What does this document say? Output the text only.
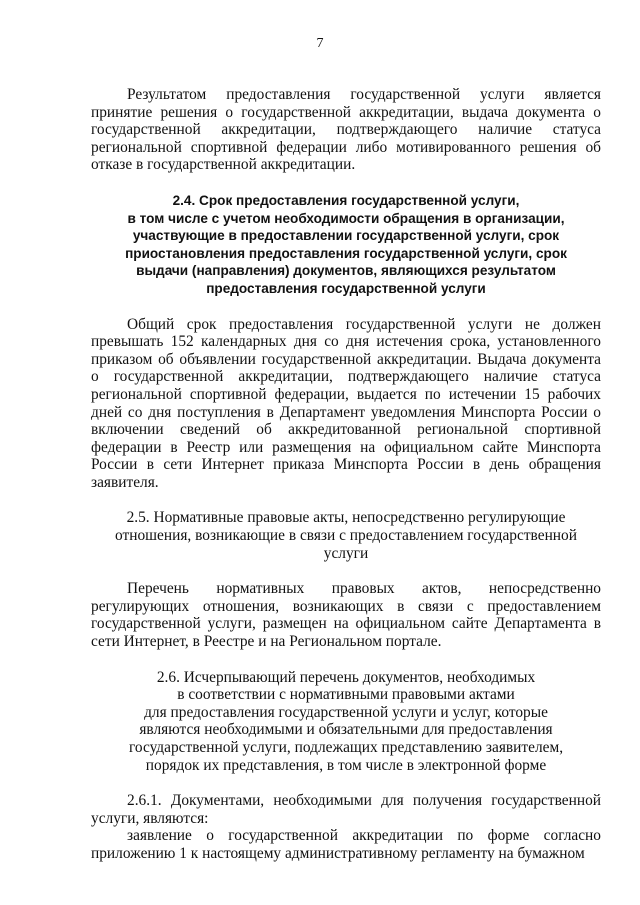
7

Результатом предоставления государственной услуги является принятие решения о государственной аккредитации, выдача документа о государственной аккредитации, подтверждающего наличие статуса региональной спортивной федерации либо мотивированного решения об отказе в государственной аккредитации.

2.4. Срок предоставления государственной услуги,
в том числе с учетом необходимости обращения в организации,
участвующие в предоставлении государственной услуги, срок
приостановления предоставления государственной услуги, срок
выдачи (направления) документов, являющихся результатом
предоставления государственной услуги

Общий срок предоставления государственной услуги не должен превышать 152 календарных дня со дня истечения срока, установленного приказом об объявлении государственной аккредитации. Выдача документа о государственной аккредитации, подтверждающего наличие статуса региональной спортивной федерации, выдается по истечении 15 рабочих дней со дня поступления в Департамент уведомления Минспорта России о включении сведений об аккредитованной региональной спортивной федерации в Реестр или размещения на официальном сайте Минспорта России в сети Интернет приказа Минспорта России в день обращения заявителя.

2.5. Нормативные правовые акты, непосредственно регулирующие
отношения, возникающие в связи с предоставлением государственной услуги

Перечень нормативных правовых актов, непосредственно регулирующих отношения, возникающих в связи с предоставлением государственной услуги, размещен на официальном сайте Департамента в сети Интернет, в Реестре и на Региональном портале.

2.6. Исчерпывающий перечень документов, необходимых
в соответствии с нормативными правовыми актами
для предоставления государственной услуги и услуг, которые
являются необходимыми и обязательными для предоставления
государственной услуги, подлежащих представлению заявителем,
порядок их представления, в том числе в электронной форме

2.6.1. Документами, необходимыми для получения государственной услуги, являются:

заявление о государственной аккредитации по форме согласно приложению 1 к настоящему административному регламенту на бумажном
